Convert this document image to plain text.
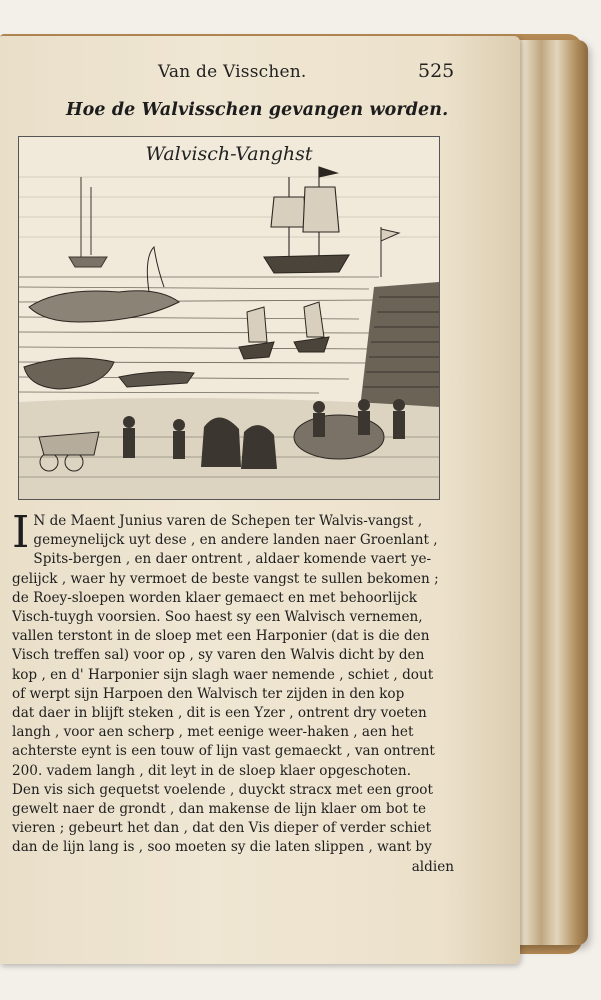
Van de Visschen.	525
Hoe de Walvisschen gevangen worden.
Walvisch-Vanghst
I N de Maent Junius varen de Schepen ter Walvis-vangst ,
gemeynelijck uyt dese , en andere landen naer Groenlant ,
Spits-bergen , en daer ontrent , aldaer komende vaert ye-
gelijck , waer hy vermoet de beste vangst te sullen bekomen ;
de Roey-sloepen worden klaer gemaect en met behoorlijck
Visch-tuygh voorsien. Soo haest sy een Walvisch vernemen,
vallen terstont in de sloep met een Harponier (dat is die den
Visch treffen sal) voor op , sy varen den Walvis dicht by den
kop , en d' Harponier sijn slagh waer nemende , schiet , dout
of werpt sijn Harpoen den Walvisch ter zijden in den kop
dat daer in blijft steken , dit is een Yzer , ontrent dry voeten
langh , voor aen scherp , met eenige weer-haken , aen het
achterste eynt is een touw of lijn vast gemaeckt , van ontrent
200. vadem langh , dit leyt in de sloep klaer opgeschoten.
Den vis sich gequetst voelende , duyckt stracx met een groot
gewelt naer de grondt , dan makense de lijn klaer om bot te
vieren ; gebeurt het dan , dat den Vis dieper of verder schiet
dan de lijn lang is , soo moeten sy die laten slippen , want by
aldien
